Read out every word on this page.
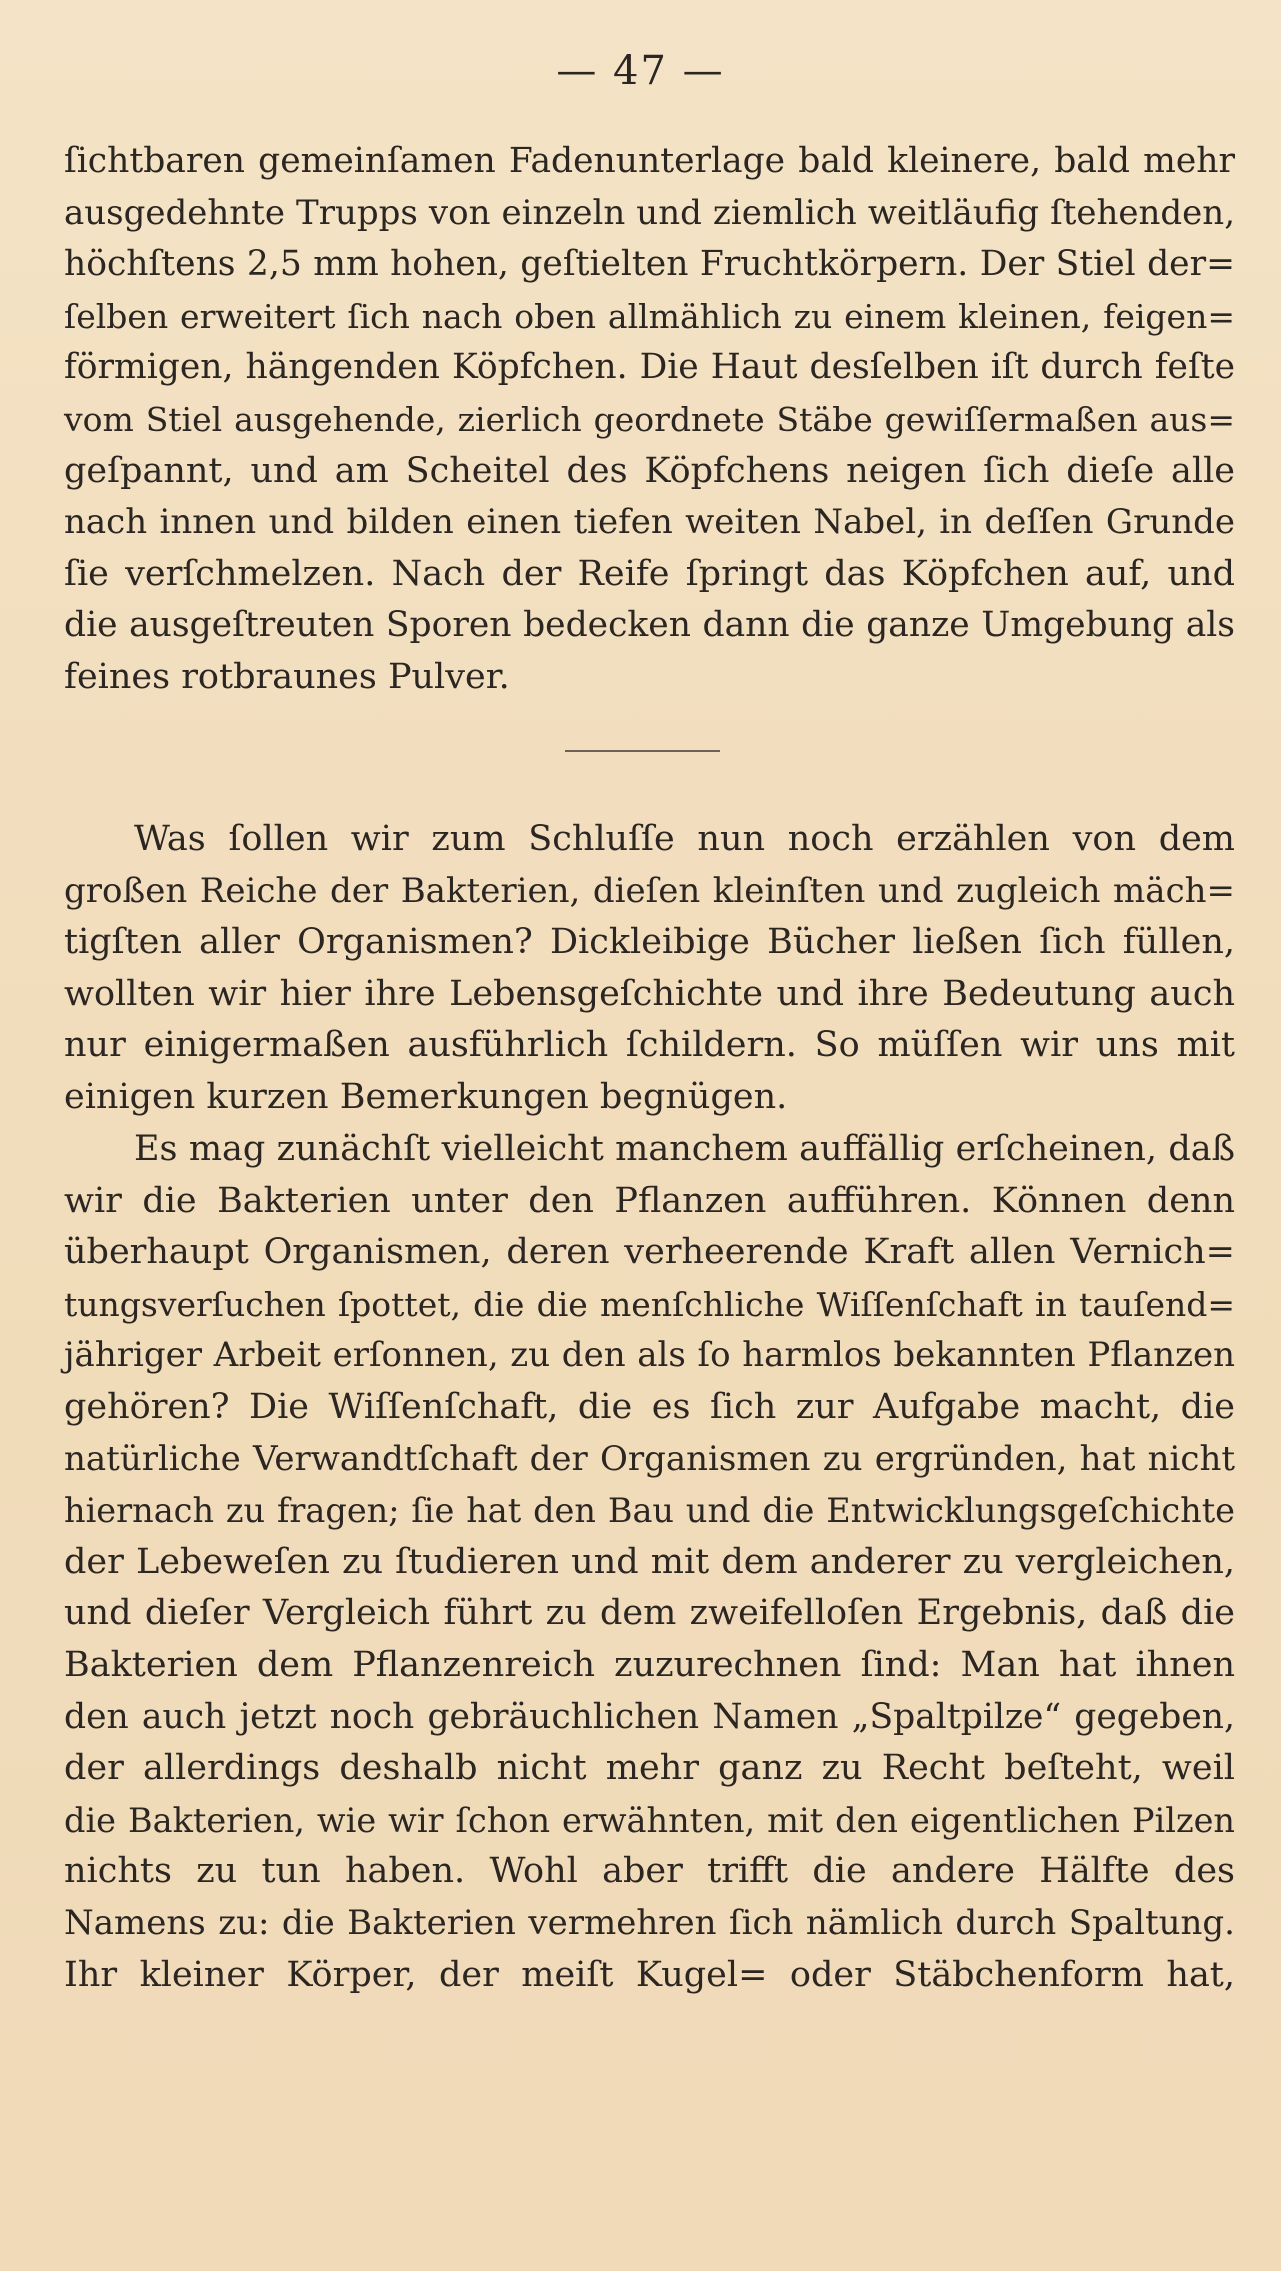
— 47 —
ſichtbaren gemeinſamen Fadenunterlage bald kleinere, bald mehr
ausgedehnte Trupps von einzeln und ziemlich weitläufig ſtehenden,
höchſtens 2,5 mm hohen, geſtielten Fruchtkörpern. Der Stiel der=
ſelben erweitert ſich nach oben allmählich zu einem kleinen, feigen=
förmigen, hängenden Köpfchen. Die Haut desſelben iſt durch feſte
vom Stiel ausgehende, zierlich geordnete Stäbe gewiſſermaßen aus=
geſpannt, und am Scheitel des Köpfchens neigen ſich dieſe alle
nach innen und bilden einen tiefen weiten Nabel, in deſſen Grunde
ſie verſchmelzen. Nach der Reife ſpringt das Köpfchen auf, und
die ausgeſtreuten Sporen bedecken dann die ganze Umgebung als
feines rotbraunes Pulver.
Was ſollen wir zum Schluſſe nun noch erzählen von dem
großen Reiche der Bakterien, dieſen kleinſten und zugleich mäch=
tigſten aller Organismen? Dickleibige Bücher ließen ſich füllen,
wollten wir hier ihre Lebensgeſchichte und ihre Bedeutung auch
nur einigermaßen ausführlich ſchildern. So müſſen wir uns mit
einigen kurzen Bemerkungen begnügen.
Es mag zunächſt vielleicht manchem auffällig erſcheinen, daß
wir die Bakterien unter den Pflanzen aufführen. Können denn
überhaupt Organismen, deren verheerende Kraft allen Vernich=
tungsverſuchen ſpottet, die die menſchliche Wiſſenſchaft in tauſend=
jähriger Arbeit erſonnen, zu den als ſo harmlos bekannten Pflanzen
gehören? Die Wiſſenſchaft, die es ſich zur Aufgabe macht, die
natürliche Verwandtſchaft der Organismen zu ergründen, hat nicht
hiernach zu fragen; ſie hat den Bau und die Entwicklungsgeſchichte
der Lebeweſen zu ſtudieren und mit dem anderer zu vergleichen,
und dieſer Vergleich führt zu dem zweifelloſen Ergebnis, daß die
Bakterien dem Pflanzenreich zuzurechnen ſind: Man hat ihnen
den auch jetzt noch gebräuchlichen Namen „Spaltpilze“ gegeben,
der allerdings deshalb nicht mehr ganz zu Recht beſteht, weil
die Bakterien, wie wir ſchon erwähnten, mit den eigentlichen Pilzen
nichts zu tun haben. Wohl aber trifft die andere Hälfte des
Namens zu: die Bakterien vermehren ſich nämlich durch Spaltung.
Ihr kleiner Körper, der meiſt Kugel= oder Stäbchenform hat,
